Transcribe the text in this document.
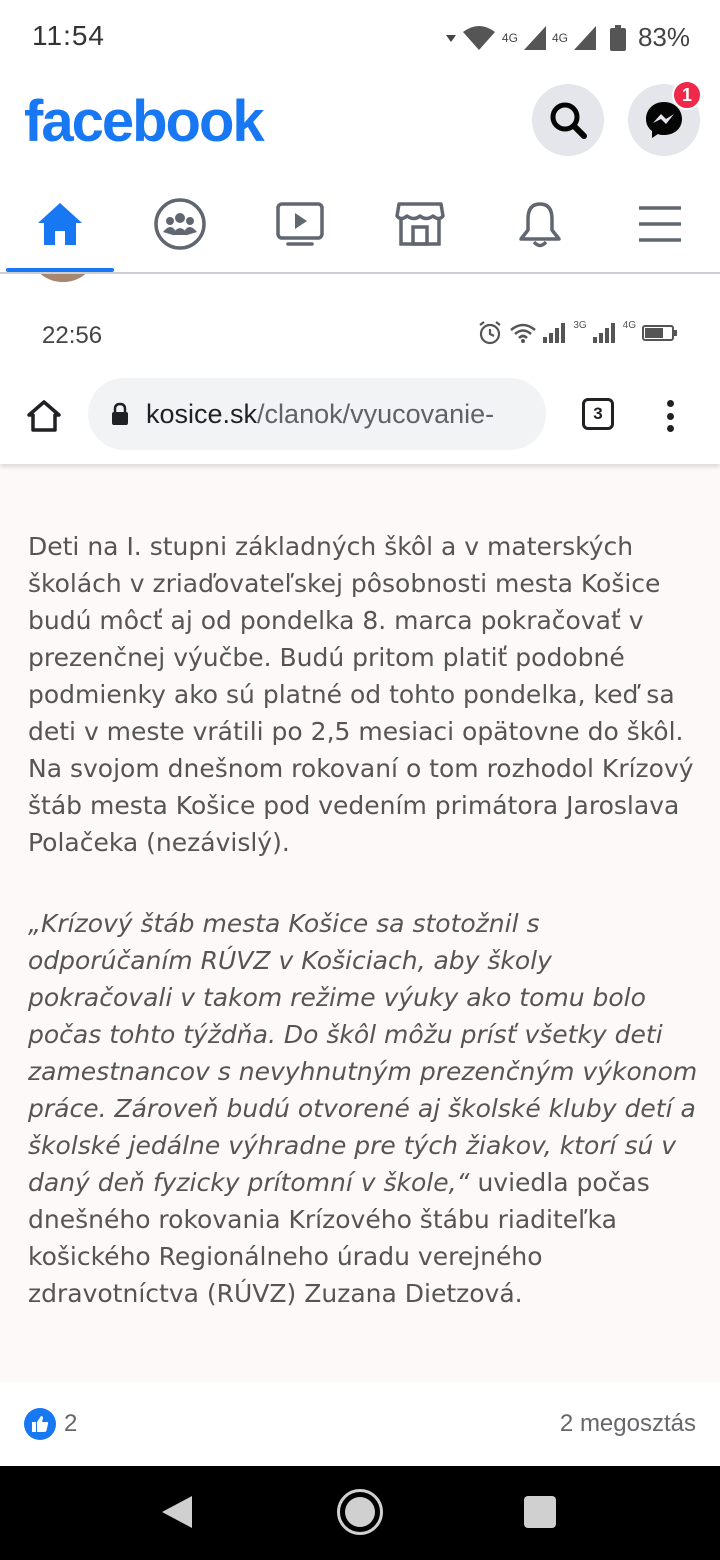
11:54	4G	4G	83%
facebook	1
22:56	3G	4G
kosice.sk/clanok/vyucovanie-	3

Deti na I. stupni základných škôl a v materských školách v zriaďovateľskej pôsobnosti mesta Košice budú môcť aj od pondelka 8. marca pokračovať v prezenčnej výučbe. Budú pritom platiť podobné podmienky ako sú platné od tohto pondelka, keď sa deti v meste vrátili po 2,5 mesiaci opätovne do škôl. Na svojom dnešnom rokovaní o tom rozhodol Krízový štáb mesta Košice pod vedením primátora Jaroslava Polačeka (nezávislý).

„Krízový štáb mesta Košice sa stotožnil s odporúčaním RÚVZ v Košiciach, aby školy pokračovali v takom režime výuky ako tomu bolo počas tohto týždňa. Do škôl môžu prísť všetky deti zamestnancov s nevyhnutným prezenčným výkonom práce. Zároveň budú otvorené aj školské kluby detí a školské jedálne výhradne pre tých žiakov, ktorí sú v daný deň fyzicky prítomní v škole,“ uviedla počas dnešného rokovania Krízového štábu riaditeľka košického Regionálneho úradu verejného zdravotníctva (RÚVZ) Zuzana Dietzová.

2	2 megosztás
